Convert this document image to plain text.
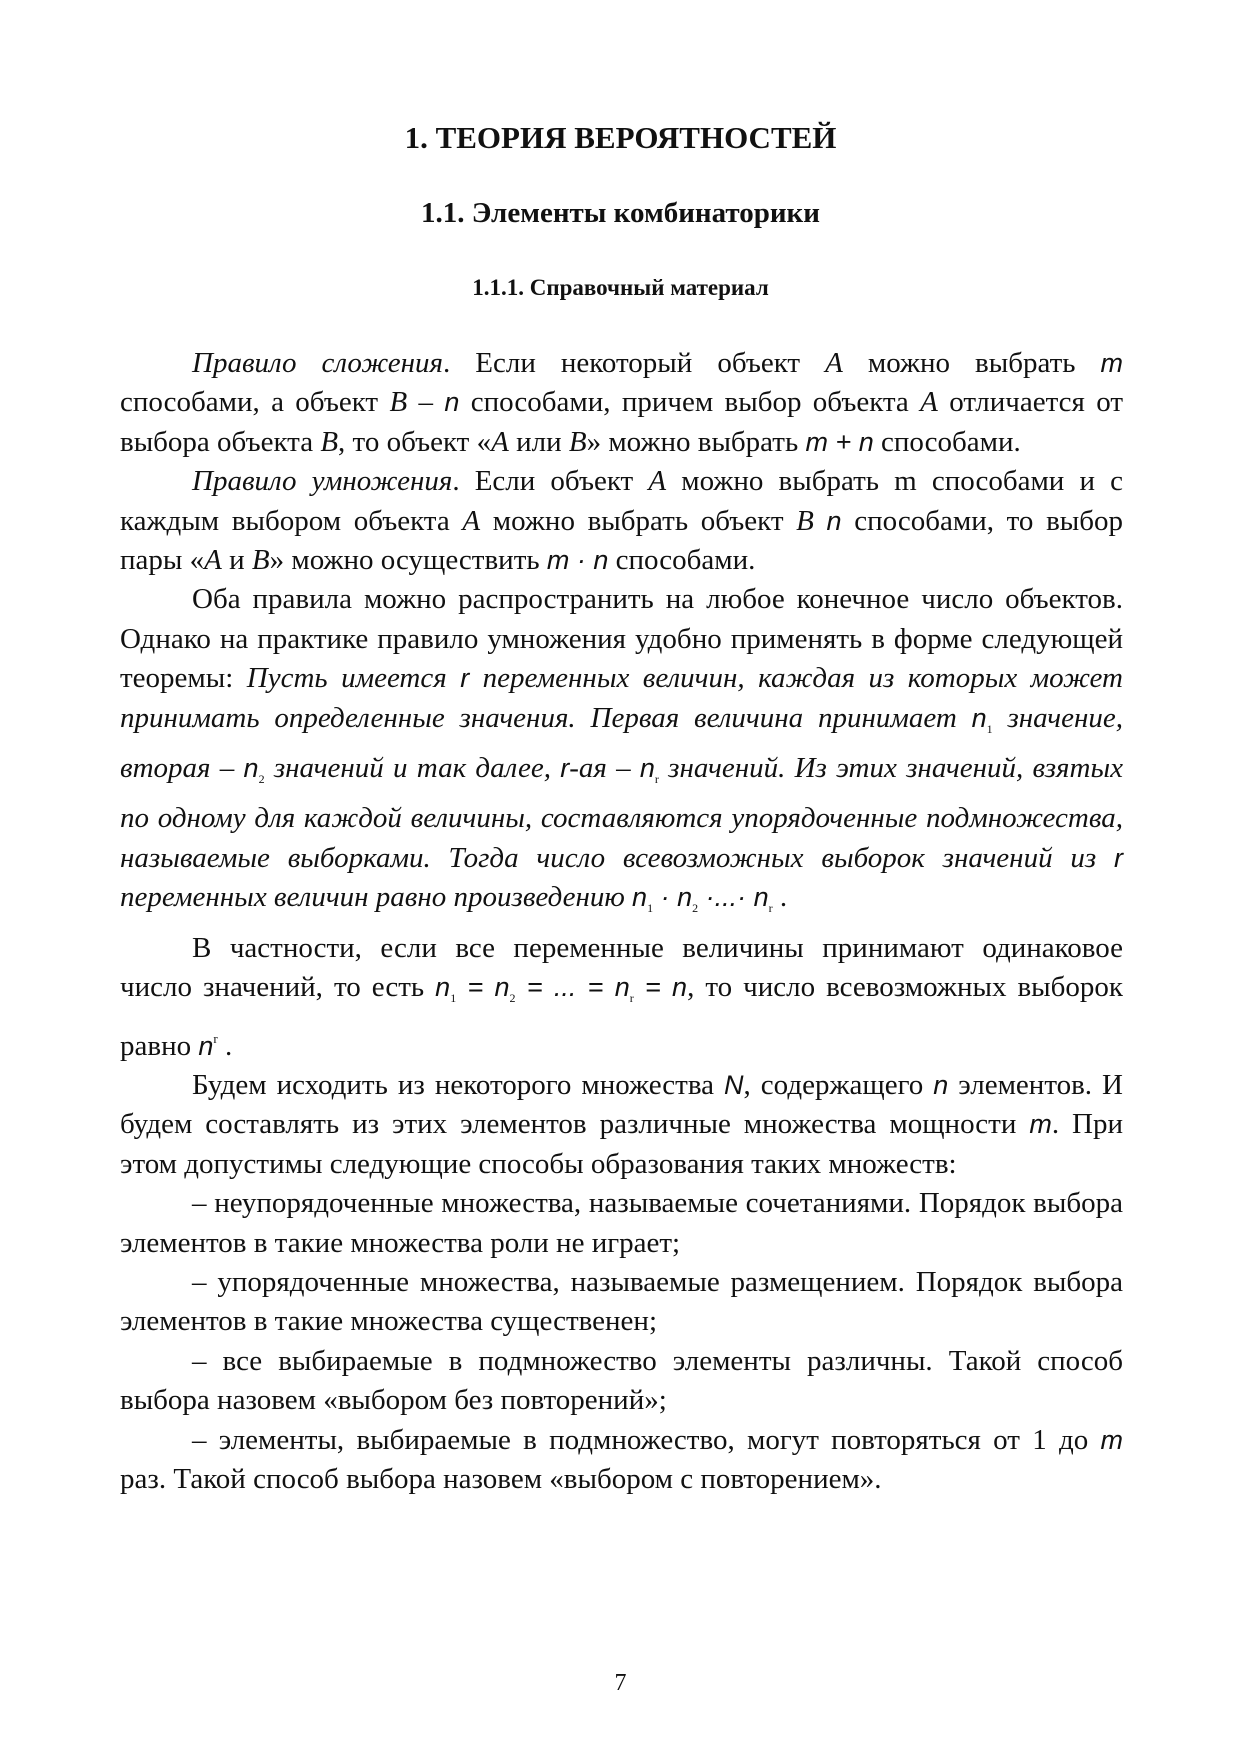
1. ТЕОРИЯ ВЕРОЯТНОСТЕЙ
1.1. Элементы комбинаторики
1.1.1. Справочный материал

Правило сложения. Если некоторый объект A можно выбрать m способами, а объект B – n способами, причем выбор объекта A отличается от выбора объекта B, то объект «A или B» можно выбрать m + n способами.

Правило умножения. Если объект A можно выбрать m способами и с каждым выбором объекта A можно выбрать объект B n способами, то выбор пары «A и B» можно осуществить m · n способами.

Оба правила можно распространить на любое конечное число объектов. Однако на практике правило умножения удобно применять в форме следующей теоремы: Пусть имеется r переменных величин, каждая из которых может принимать определенные значения. Первая величина принимает $n_1$ значение, вторая – $n_2$ значений и так далее, $r-ая - n_r$ значений. Из этих значений, взятых по одному для каждой величины, составляются упорядоченные подмножества, называемые выборками. Тогда число всевозможных выборок значений из r переменных величин равно произведению $n_1 \cdot n_2$ ·...· $n_r$ .

В частности, если все переменные величины принимают одинаковое число значений, то есть $n_1 = n_2$ = ... = $n_r = n$, то число всевозможных выборок равно $n^r$ .

Будем исходить из некоторого множества N, содержащего n элементов. И будем составлять из этих элементов различные множества мощности m. При этом допустимы следующие способы образования таких множеств:

– неупорядоченные множества, называемые сочетаниями. Порядок выбора элементов в такие множества роли не играет;

– упорядоченные множества, называемые размещением. Порядок выбора элементов в такие множества существенен;

– все выбираемые в подмножество элементы различны. Такой способ выбора назовем «выбором без повторений»;

– элементы, выбираемые в подмножество, могут повторяться от 1 до m раз. Такой способ выбора назовем «выбором с повторением».

7
